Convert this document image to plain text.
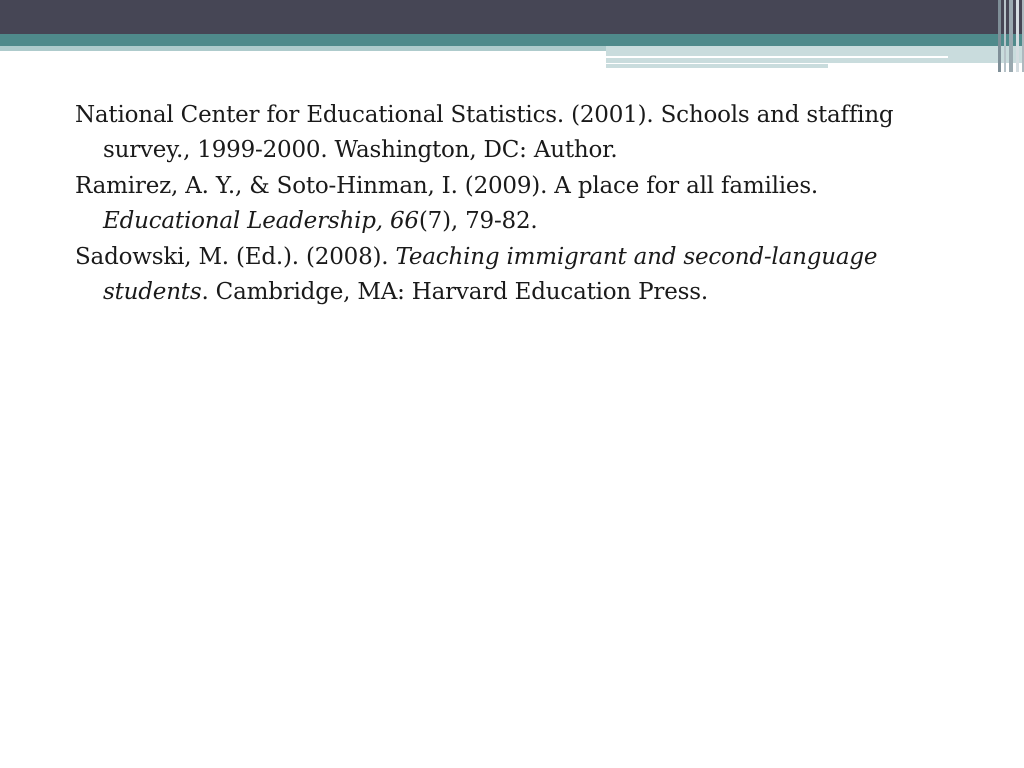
National Center for Educational Statistics. (2001). Schools and staffing survey., 1999-2000. Washington, DC: Author.

Ramirez, A. Y., & Soto-Hinman, I. (2009). A place for all families. Educational Leadership, 66(7), 79-82.

Sadowski, M. (Ed.). (2008). Teaching immigrant and second-language students. Cambridge, MA: Harvard Education Press.
